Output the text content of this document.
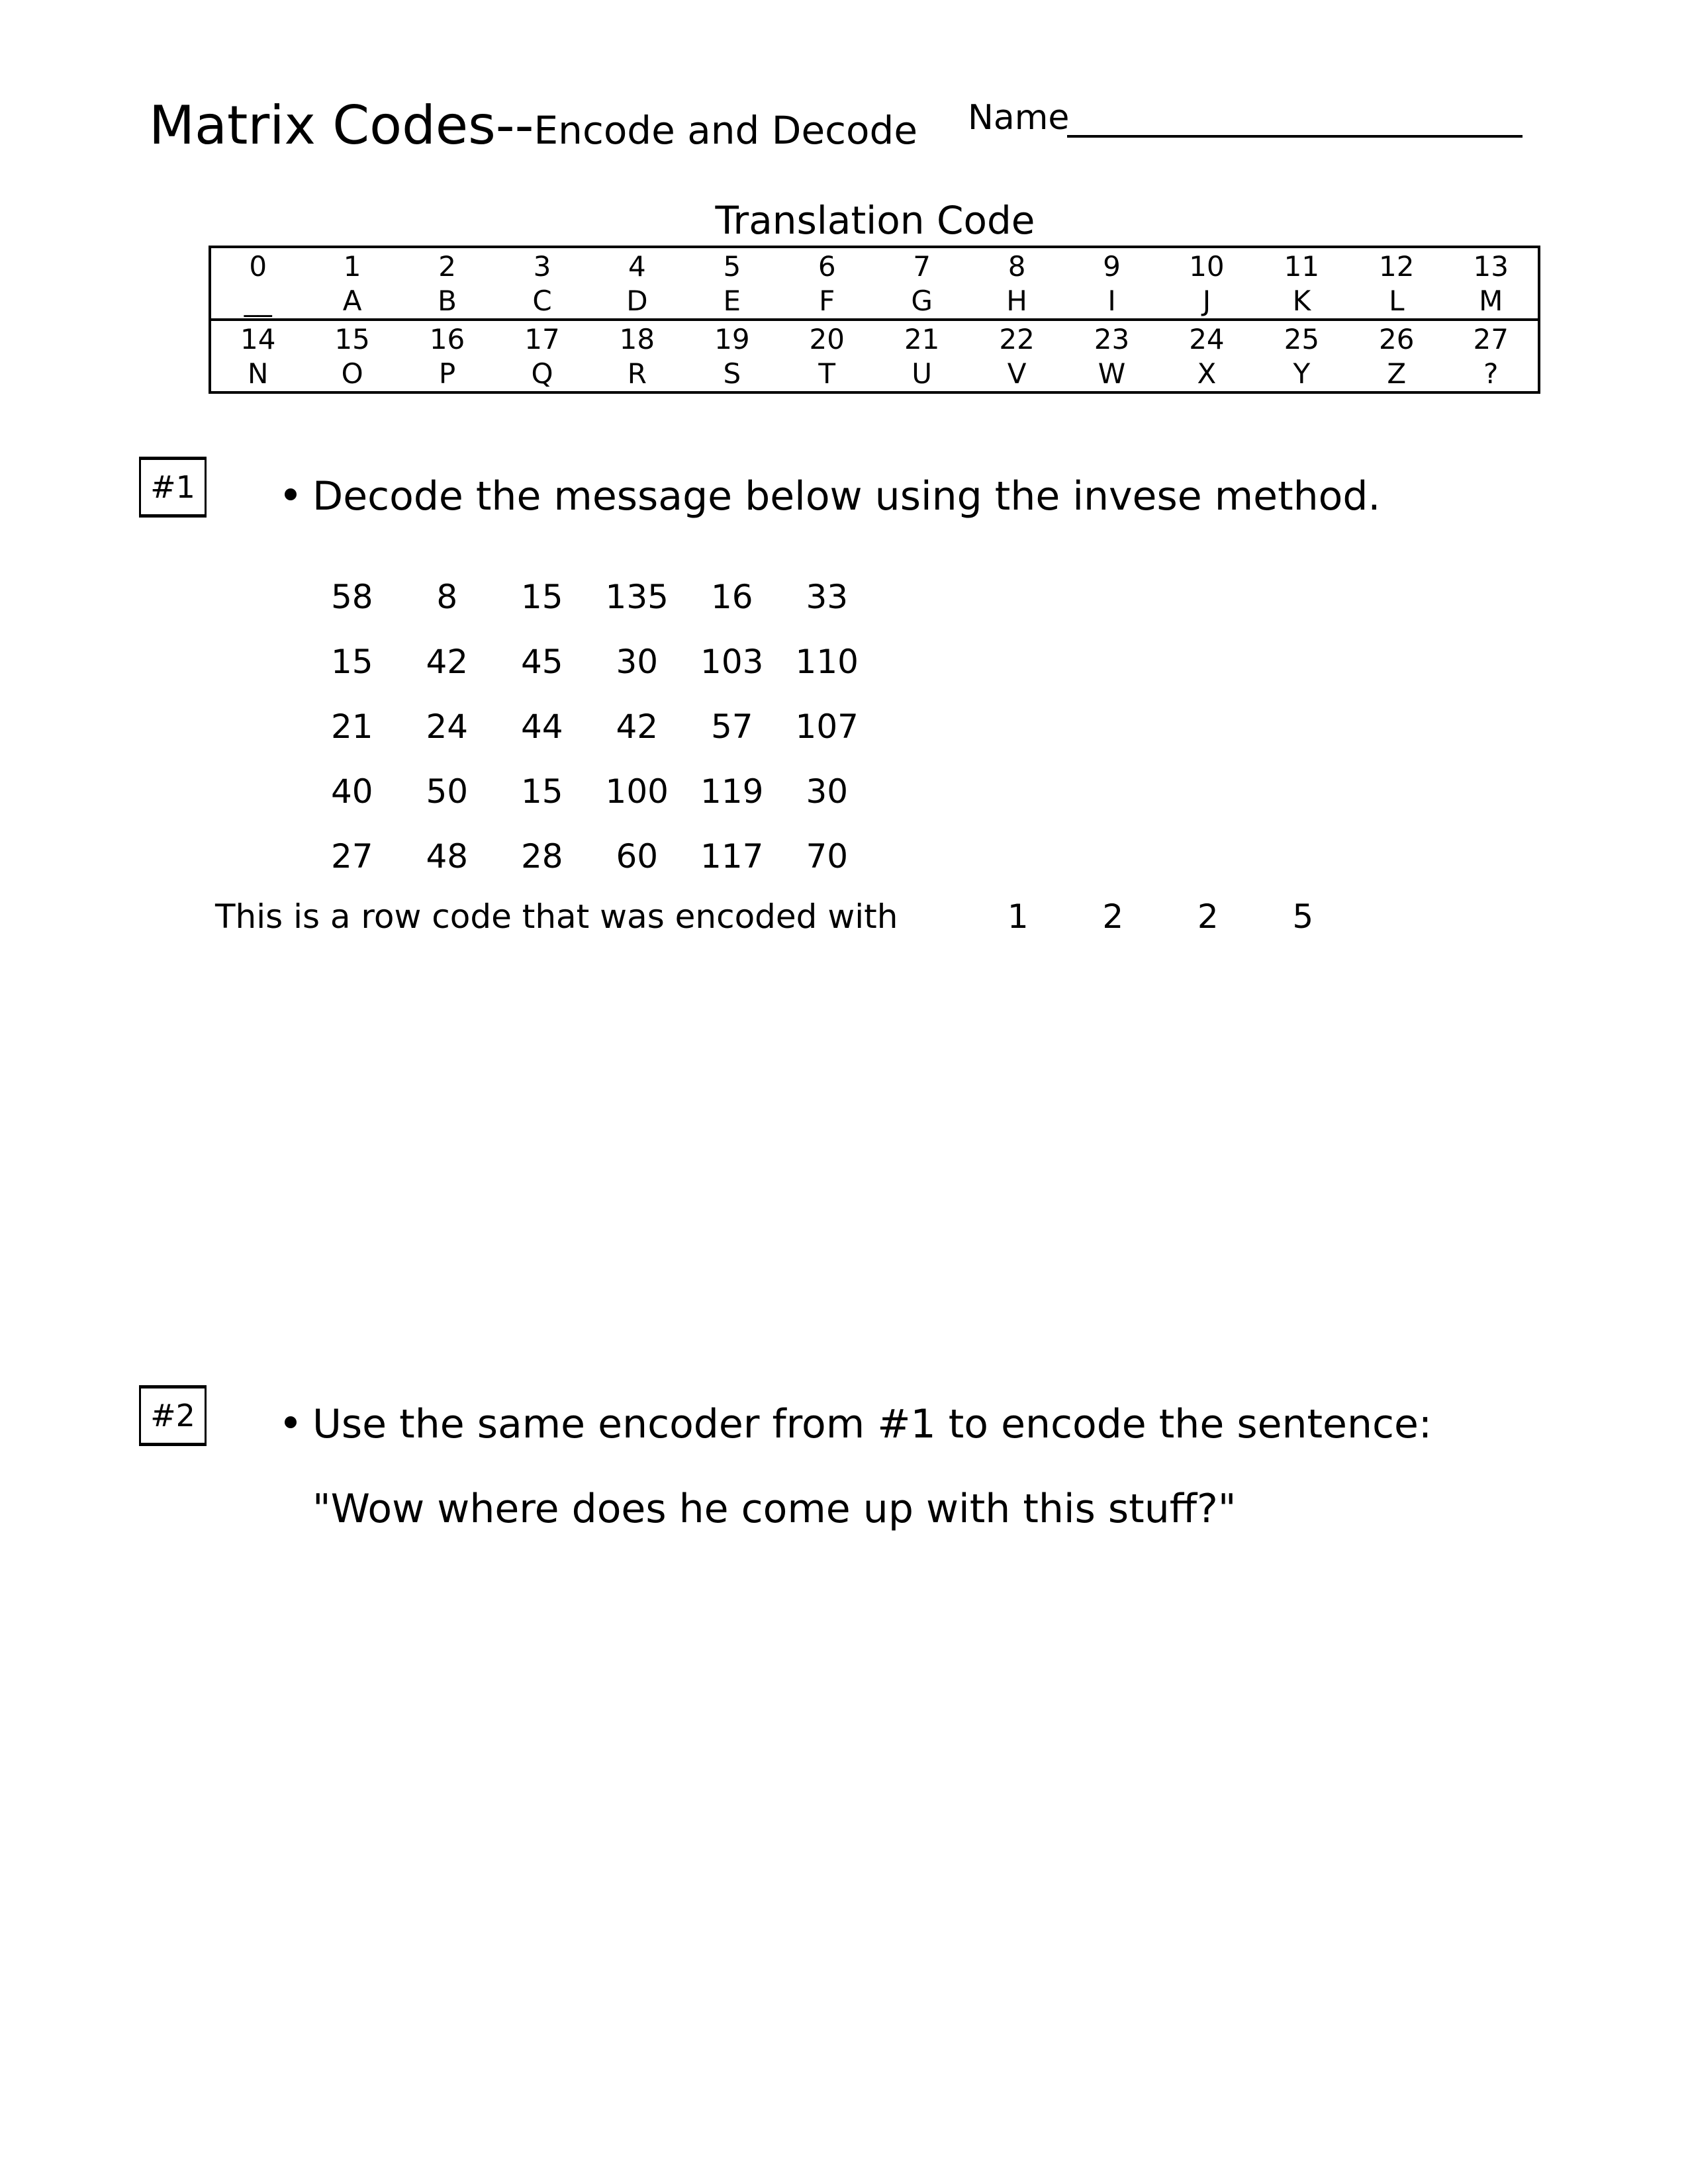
Matrix Codes--Encode and Decode Name
Translation Code
0	1	2	3	4	5	6	7	8	9	10	11	12	13
__	A	B	C	D	E	F	G	H	I	J	K	L	M
14	15	16	17	18	19	20	21	22	23	24	25	26	27
N	O	P	Q	R	S	T	U	V	W	X	Y	Z	?
#1	Decode the message below using the invese method.
58	8	15	135	16	33
15	42	45	30	103 110
21	24	44	42	57	107
40	50	15	100 119	30
27	48	28	60	117	70
This is a row code that was encoded with	1	2	2	5
#2	Use the same encoder from #1 to encode the sentence:
"Wow where does he come up with this stuff?"
